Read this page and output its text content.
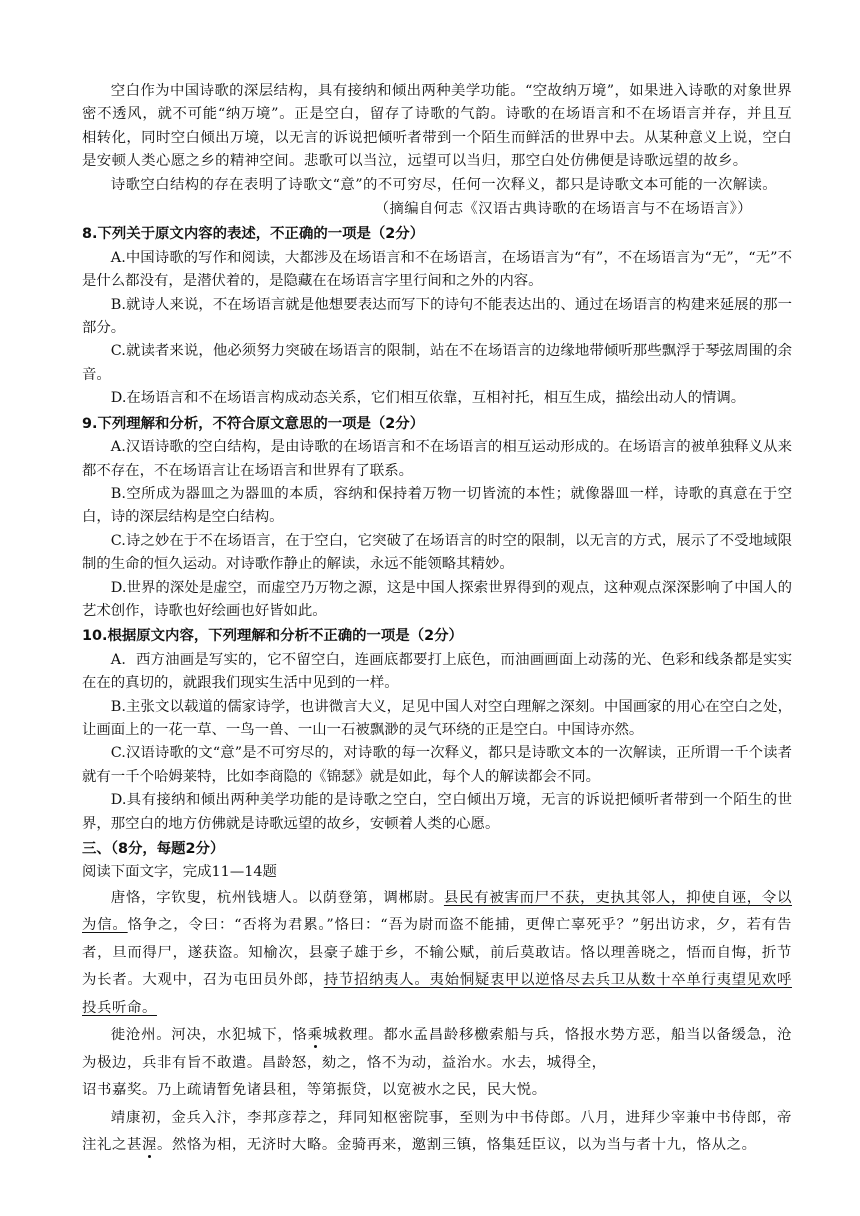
空白作为中国诗歌的深层结构，具有接纳和倾出两种美学功能。“空故纳万境”，如果进入诗歌的对象世界密不透风，就不可能“纳万境”。正是空白，留存了诗歌的气韵。诗歌的在场语言和不在场语言并存，并且互相转化，同时空白倾出万境，以无言的诉说把倾听者带到一个陌生而鲜活的世界中去。从某种意义上说，空白是安顿人类心愿之乡的精神空间。悲歌可以当泣，远望可以当归，那空白处仿佛便是诗歌远望的故乡。

诗歌空白结构的存在表明了诗歌文“意”的不可穷尽，任何一次释义，都只是诗歌文本可能的一次解读。

（摘编自何志《汉语古典诗歌的在场语言与不在场语言》）

8.下列关于原文内容的表述，不正确的一项是（2分）

A.中国诗歌的写作和阅读，大都涉及在场语言和不在场语言，在场语言为“有”，不在场语言为“无”，“无”不是什么都没有，是潜伏着的，是隐藏在在场语言字里行间和之外的内容。

B.就诗人来说，不在场语言就是他想要表达而写下的诗句不能表达出的、通过在场语言的构建来延展的那一部分。

C.就读者来说，他必须努力突破在场语言的限制，站在不在场语言的边缘地带倾听那些飘浮于琴弦周围的余音。

D.在场语言和不在场语言构成动态关系，它们相互依靠，互相衬托，相互生成，描绘出动人的情调。

9.下列理解和分析，不符合原文意思的一项是（2分）

A.汉语诗歌的空白结构，是由诗歌的在场语言和不在场语言的相互运动形成的。在场语言的被单独释义从来都不存在，不在场语言让在场语言和世界有了联系。

B.空所成为器皿之为器皿的本质，容纳和保持着万物一切皆流的本性；就像器皿一样，诗歌的真意在于空白，诗的深层结构是空白结构。

C.诗之妙在于不在场语言，在于空白，它突破了在场语言的时空的限制，以无言的方式，展示了不受地域限制的生命的恒久运动。对诗歌作静止的解读，永远不能领略其精妙。

D.世界的深处是虚空，而虚空乃万物之源，这是中国人探索世界得到的观点，这种观点深深影响了中国人的艺术创作，诗歌也好绘画也好皆如此。

10.根据原文内容，下列理解和分析不正确的一项是（2分）

A．西方油画是写实的，它不留空白，连画底都要打上底色，而油画画面上动荡的光、色彩和线条都是实实在在的真切的，就跟我们现实生活中见到的一样。

B.主张文以载道的儒家诗学，也讲微言大义，足见中国人对空白理解之深刻。中国画家的用心在空白之处，让画面上的一花一草、一鸟一兽、一山一石被飘渺的灵气环绕的正是空白。中国诗亦然。

C.汉语诗歌的文“意”是不可穷尽的，对诗歌的每一次释义，都只是诗歌文本的一次解读，正所谓一千个读者就有一千个哈姆莱特，比如李商隐的《锦瑟》就是如此，每个人的解读都会不同。

D.具有接纳和倾出两种美学功能的是诗歌之空白，空白倾出万境，无言的诉说把倾听者带到一个陌生的世界，那空白的地方仿佛就是诗歌远望的故乡，安顿着人类的心愿。

三、（8分，每题2分）

阅读下面文字，完成11—14题

唐恪，字钦叟，杭州钱塘人。以荫登第，调郴尉。县民有被害而尸不获，吏执其邻人，抑使自诬，令以为信。恪争之，令曰：“否将为君累。”恪曰：“吾为尉而盗不能捕，更俾亡辜死乎？”躬出访求，夕，若有告者，旦而得尸，遂获盗。知榆次，县豪子雄于乡，不输公赋，前后莫敢诘。恪以理善晓之，悟而自悔，折节为长者。大观中，召为屯田员外郎，持节招纳夷人。夷始恫疑衷甲以逆恪尽去兵卫从数十卒单行夷望见欢呼投兵听命。

徙沧州。河决，水犯城下，恪乘城救理。都水孟昌龄移檄索船与兵，恪报水势方恶，船当以备缓急，沧为极边，兵非有旨不敢遣。昌龄怒，劾之，恪不为动，益治水。水去，城得全，

诏书嘉奖。乃上疏请暂免诸县租，等第振贷，以宽被水之民，民大悦。

靖康初，金兵入汴，李邦彦荐之，拜同知枢密院事，至则为中书侍郎。八月，进拜少宰兼中书侍郎，帝注礼之甚渥。然恪为相，无济时大略。金骑再来，邀割三镇，恪集廷臣议，以为当与者十九，恪从之。
